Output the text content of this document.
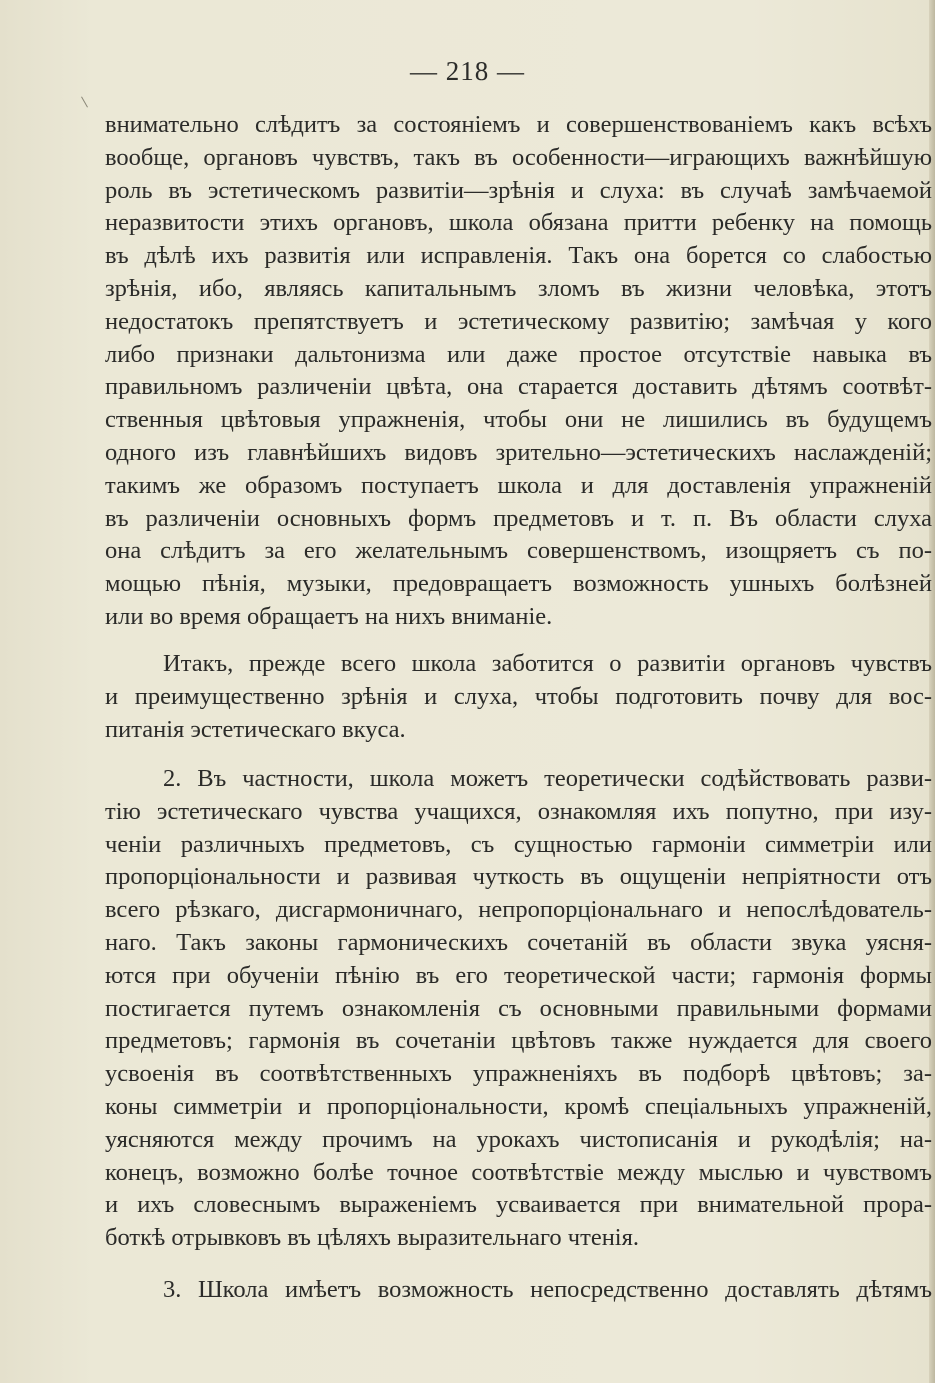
— 218 —
внимательно слѣдитъ за состояніемъ и совершенствованіемъ какъ всѣхъ
вообще, органовъ чувствъ, такъ въ особенности—играющихъ важнѣйшую
роль въ эстетическомъ развитіи—зрѣнія и слуха: въ случаѣ замѣчаемой
неразвитости этихъ органовъ, школа обязана притти ребенку на помощь
въ дѣлѣ ихъ развитія или исправленія. Такъ она борется со слабостью
зрѣнія, ибо, являясь капитальнымъ зломъ въ жизни человѣка, этотъ
недостатокъ препятствуетъ и эстетическому развитію; замѣчая у кого
либо признаки дальтонизма или даже простое отсутствіе навыка въ
правильномъ различеніи цвѣта, она старается доставить дѣтямъ соотвѣт-
ственныя цвѣтовыя упражненія, чтобы они не лишились въ будущемъ
одного изъ главнѣйшихъ видовъ зрительно—эстетическихъ наслажденій;
такимъ же образомъ поступаетъ школа и для доставленія упражненій
въ различеніи основныхъ формъ предметовъ и т. п. Въ области слуха
она слѣдитъ за его желательнымъ совершенствомъ, изощряетъ съ по-
мощью пѣнія, музыки, предовращаетъ возможность ушныхъ болѣзней
или во время обращаетъ на нихъ вниманіе.
Итакъ, прежде всего школа заботится о развитіи органовъ чувствъ
и преимущественно зрѣнія и слуха, чтобы подготовить почву для вос-
питанія эстетическаго вкуса.
2. Въ частности, школа можетъ теоретически содѣйствовать разви-
тію эстетическаго чувства учащихся, ознакомляя ихъ попутно, при изу-
ченіи различныхъ предметовъ, съ сущностью гармоніи симметріи или
пропорціональности и развивая чуткость въ ощущеніи непріятности отъ
всего рѣзкаго, дисгармоничнаго, непропорціональнаго и непослѣдователь-
наго. Такъ законы гармоническихъ сочетаній въ области звука уясня-
ются при обученіи пѣнію въ его теоретической части; гармонія формы
постигается путемъ ознакомленія съ основными правильными формами
предметовъ; гармонія въ сочетаніи цвѣтовъ также нуждается для своего
усвоенія въ соотвѣтственныхъ упражненіяхъ въ подборѣ цвѣтовъ; за-
коны симметріи и пропорціональности, кромѣ спеціальныхъ упражненій,
уясняются между прочимъ на урокахъ чистописанія и рукодѣлія; на-
конецъ, возможно болѣе точное соотвѣтствіе между мыслью и чувствомъ
и ихъ словеснымъ выраженіемъ усваивается при внимательной прора-
боткѣ отрывковъ въ цѣляхъ выразительнаго чтенія.
3. Школа имѣетъ возможность непосредственно доставлять дѣтямъ
